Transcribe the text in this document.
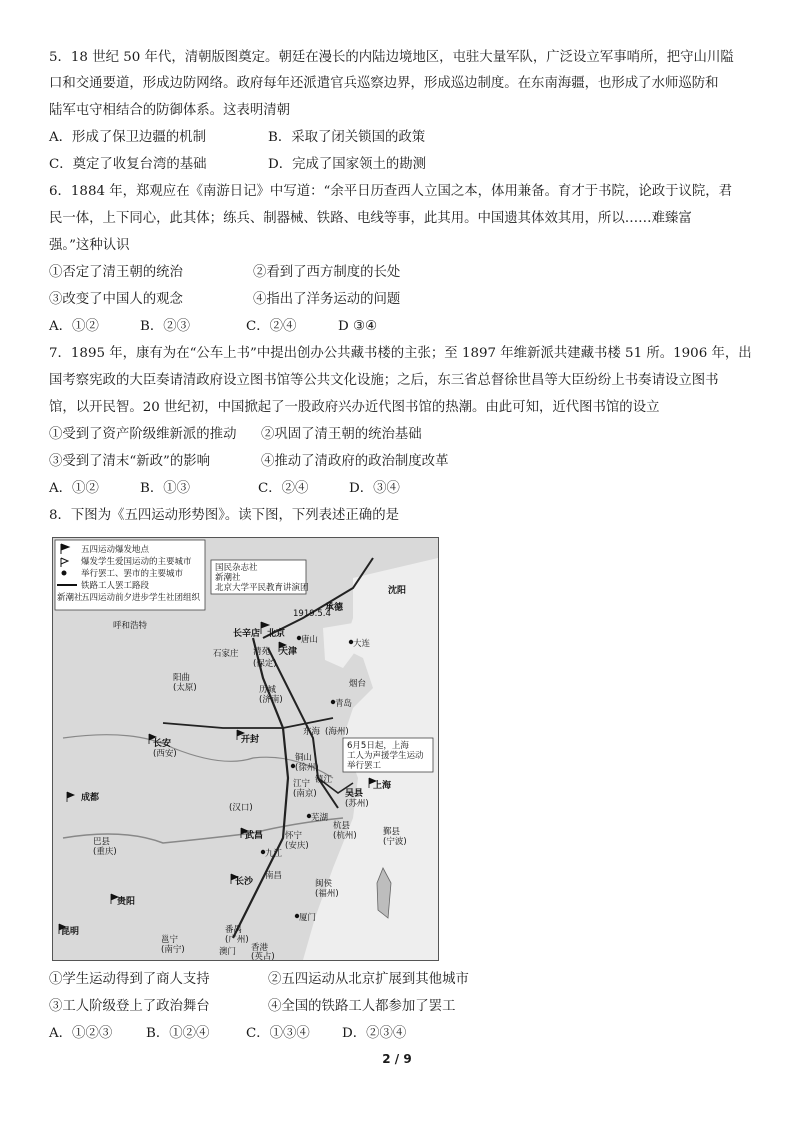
5．18 世纪 50 年代，清朝版图奠定。朝廷在漫长的内陆边境地区，屯驻大量军队，广泛设立军事哨所，把守山川隘
口和交通要道，形成边防网络。政府每年还派遣官兵巡察边界，形成巡边制度。在东南海疆，也形成了水师巡防和
陆军屯守相结合的防御体系。这表明清朝
A．形成了保卫边疆的机制	B．采取了闭关锁国的政策
C．奠定了收复台湾的基础	D．完成了国家领土的勘测
6．1884 年，郑观应在《南游日记》中写道：“余平日历查西人立国之本，体用兼备。育才于书院，论政于议院，君
民一体，上下同心，此其体；练兵、制器械、铁路、电线等事，此其用。中国遗其体效其用，所以……难臻富
强。”这种认识
①否定了清王朝的统治	②看到了西方制度的长处
③改变了中国人的观念	④指出了洋务运动的问题
A．①②	B．②③	C．②④	D ③④
7．1895 年，康有为在“公车上书”中提出创办公共藏书楼的主张；至 1897 年维新派共建藏书楼 51 所。1906 年，出
国考察宪政的大臣奏请清政府设立图书馆等公共文化设施；之后，东三省总督徐世昌等大臣纷纷上书奏请设立图书
馆，以开民智。20 世纪初，中国掀起了一股政府兴办近代图书馆的热潮。由此可知，近代图书馆的设立
①受到了资产阶级维新派的推动 ②巩固了清王朝的统治基础
③受到了清末“新政”的影响	④推动了清政府的政治制度改革
A．①②	B．①③	C．②④	D．③④
8．下图为《五四运动形势图》。读下图，下列表述正确的是
五四运动爆发地点
爆发学生爱国运动的主要城市
举行罢工、罢市的主要城市
铁路工人罢工路段
五四运动前夕进步学生社团组织
新潮社
国民杂志社
新潮社
北京大学平民教育讲演团
6月5日起，上海
工人为声援学生运动
举行罢工
1919.5.4
承德
沈阳
长辛店 北京
唐山	大连
石家庄 清苑 天津
阳曲
(太原)
(保定)
烟台
历城
(济南)	青岛
长安
(西安)
开封
东海 (海州)
铜山
(徐州)
江宁
(南京)	吴县
(苏州)
上海
成都
(汉口)
武昌	怀宁
(安庆)
杭县
(杭州)	鄞县
(宁波)
巴县
(重庆)	九江
芜湖
南昌
长沙
贵阳
闽侯
(福州)
厦门
昆明
邕宁
(南宁)
番禺
(广州)
澳门 香港
(英占)
呼和浩特
镇江
①学生运动得到了商人支持	②五四运动从北京扩展到其他城市
③工人阶级登上了政治舞台	④全国的铁路工人都参加了罢工
A．①②③	B．①②④	C．①③④ D．②③④
2 / 9
